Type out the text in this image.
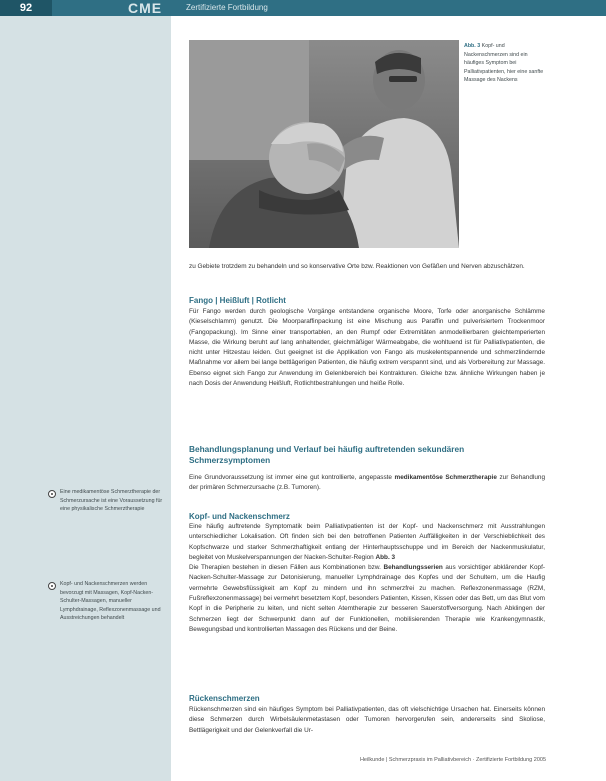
92	CME	Zertifizierte Fortbildung
Eine medikamentöse Schmerztherapie der Schmerzursache ist eine Voraussetzung für eine physikalische Schmerztherapie
Kopf- und Nackenschmerzen werden bevorzugt mit Massagen, Kopf-Nacken-Schulter-Massagen, manueller Lymphdrainage, Reflexzonenmassage und Ausstreichungen behandelt
Abb. 3 Kopf- und Nackenschmerzen sind ein häufiges Symptom bei Palliativpatienten, hier eine sanfte Massage des Nackens

zu Gebiete trotzdem zu behandeln und so konservative Orte bzw. Reaktionen von Gefäßen und Nerven abzuschätzen.

Fango | Heißluft | Rotlicht

Für Fango werden durch geologische Vorgänge entstandene organische Moore, Torfe oder anorganische Schlämme (Kieselschlamm) genutzt. Die Moorparaffinpackung ist eine Mischung aus Paraffin und pulverisiertem Trockenmoor (Fangopackung). Im Sinne einer transportablen, an den Rumpf oder Extremitäten anmodellierbaren gleichtemperierten Masse, die Wirkung beruht auf lang anhaltender, gleichmäßiger Wärmeabgabe, die wohltuend ist für Palliativpatienten, die nicht unter Hitzestau leiden. Gut geeignet ist die Applikation von Fango als muskelentspannende und schmerzlindernde Maßnahme vor allem bei lange bettlägerigen Patienten, die häufig extrem verspannt sind, und als Vorbereitung zur Massage. Ebenso eignet sich Fango zur Anwendung im Gelenkbereich bei Kontrakturen. Gleiche bzw. ähnliche Wirkungen haben je nach Dosis der Anwendung Heißluft, Rotlichtbestrahlungen und heiße Rolle.

Behandlungsplanung und Verlauf bei häufig auftretenden sekundären Schmerzsymptomen

Eine Grundvoraussetzung ist immer eine gut kontrollierte, angepasste medikamentöse Schmerztherapie zur Behandlung der primären Schmerzursache (z.B. Tumoren).

Kopf- und Nackenschmerz

Eine häufig auftretende Symptomatik beim Palliativpatienten ist der Kopf- und Nackenschmerz mit Ausstrahlungen unterschiedlicher Lokalisation. Oft finden sich bei den betroffenen Patienten Auffälligkeiten in der Verschieblichkeit des Kopfschwarze und starker Schmerzhaftigkeit entlang der Hinterhauptsschuppe und im Bereich der Nackenmuskulatur, begleitet von Muskelverspannungen der Nacken-Schulter-Region Abb. 3

Die Therapien bestehen in diesen Fällen aus Kombinationen bzw. Behandlungsserien aus vorsichtiger abklärender Kopf-Nacken-Schulter-Massage zur Detonisierung, manueller Lymphdrainage des Kopfes und der Schultern, um die Haufig vermehrte Gewebsflüssigkeit am Kopf zu mindern und ihn schmerzfrei zu machen. Reflexzonenmassage (RZM, Fußreflexzonenmassage) bei vermehrt besetztem Kopf, besonders Patienten, Kissen, Kissen oder das Bett, um das Blut vom Kopf in die Peripherie zu leiten, und nicht selten Atemtherapie zur besseren Sauerstoffversorgung. Nach Abklingen der Schmerzen liegt der Schwerpunkt dann auf der Funktionellen, mobilisierenden Therapie wie Krankengymnastik, Bewegungsbad und kontrollierten Massagen des Rückens und der Beine.

Rückenschmerzen

Rückenschmerzen sind ein häufiges Symptom bei Palliativpatienten, das oft vielschichtige Ursachen hat. Einerseits können diese Schmerzen durch Wirbelsäulenmetastasen oder Tumoren hervorgerufen sein, andererseits sind Skoliose, Bettlägerigkeit und der Gelenkverfall die Ur-

Heilkunde | Schmerzpraxis im Palliativbereich · Zertifizierte Fortbildung 2005
